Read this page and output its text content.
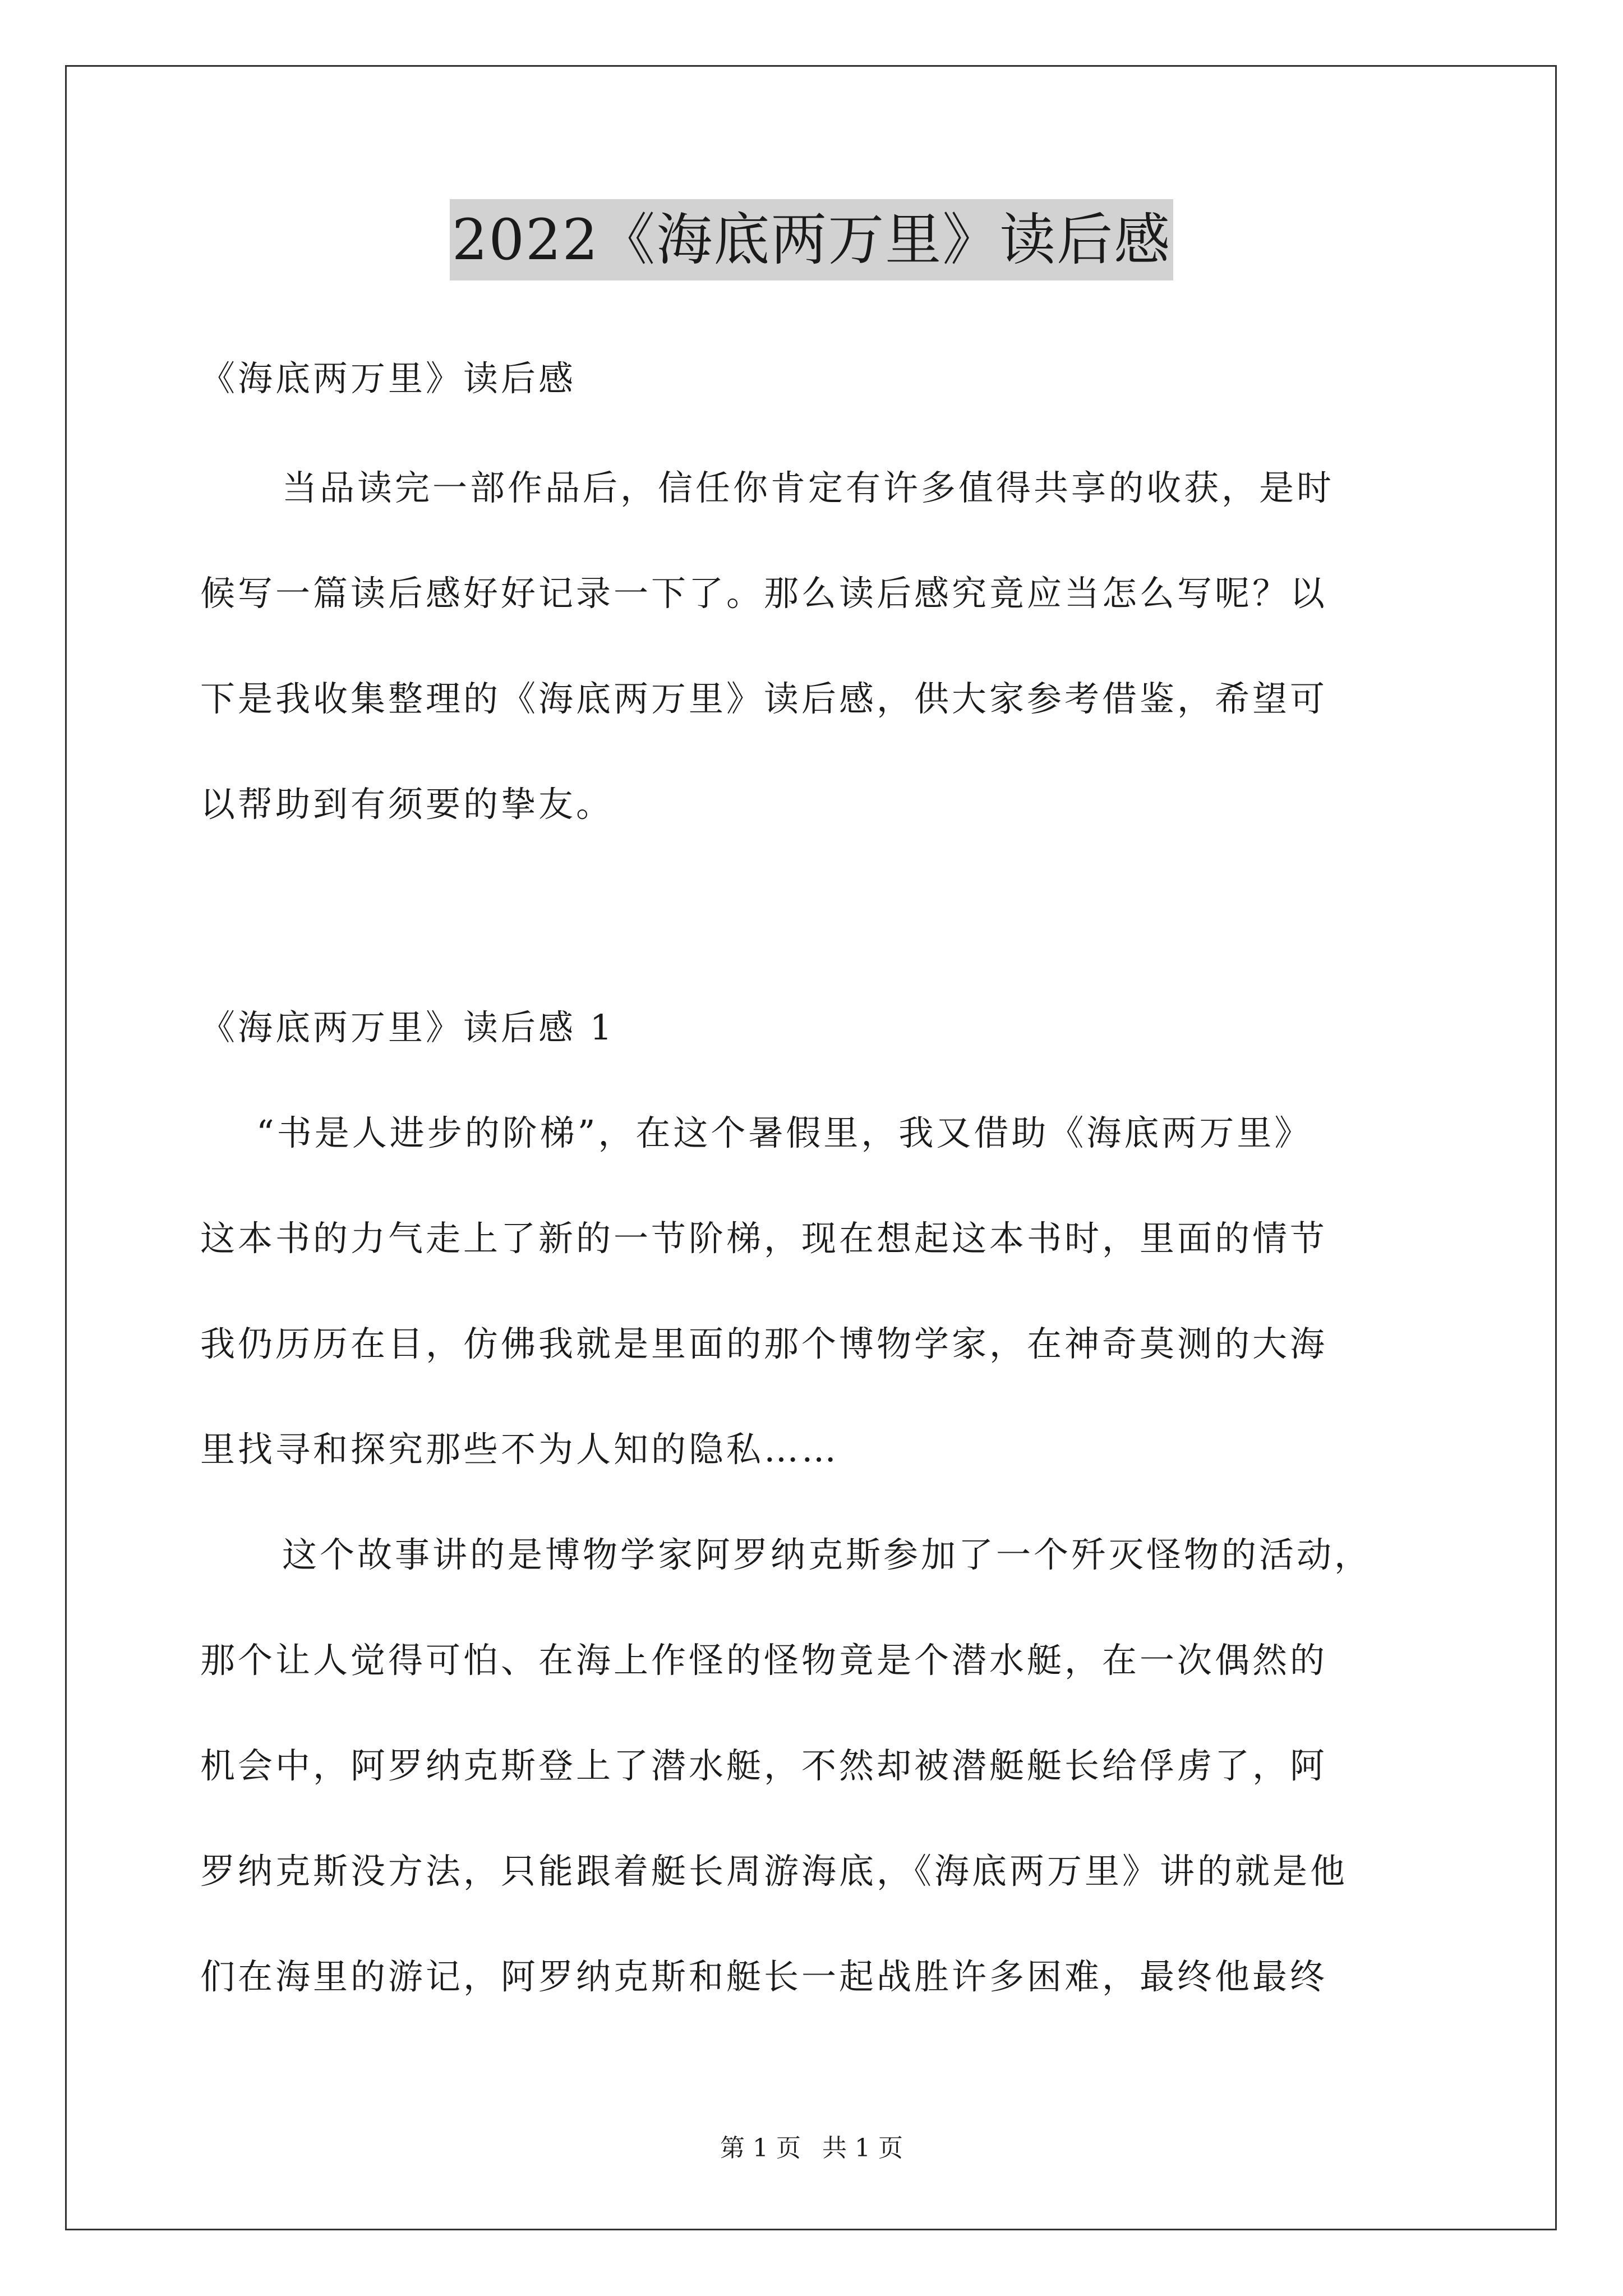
2022《海底两万里》读后感
《海底两万里》读后感
当品读完一部作品后，信任你肯定有许多值得共享的收获，是时
候写一篇读后感好好记录一下了。那么读后感究竟应当怎么写呢？以
下是我收集整理的《海底两万里》读后感，供大家参考借鉴，希望可
以帮助到有须要的挚友。
《海底两万里》读后感 1
“书是人进步的阶梯”，在这个暑假里，我又借助《海底两万里》
这本书的力气走上了新的一节阶梯，现在想起这本书时，里面的情节
我仍历历在目，仿佛我就是里面的那个博物学家，在神奇莫测的大海
里找寻和探究那些不为人知的隐私……
这个故事讲的是博物学家阿罗纳克斯参加了一个歼灭怪物的活动，
那个让人觉得可怕、在海上作怪的怪物竟是个潜水艇，在一次偶然的
机会中，阿罗纳克斯登上了潜水艇，不然却被潜艇艇长给俘虏了，阿
罗纳克斯没方法，只能跟着艇长周游海底，《海底两万里》讲的就是他
们在海里的游记，阿罗纳克斯和艇长一起战胜许多困难，最终他最终
第 1 页 共 1 页
